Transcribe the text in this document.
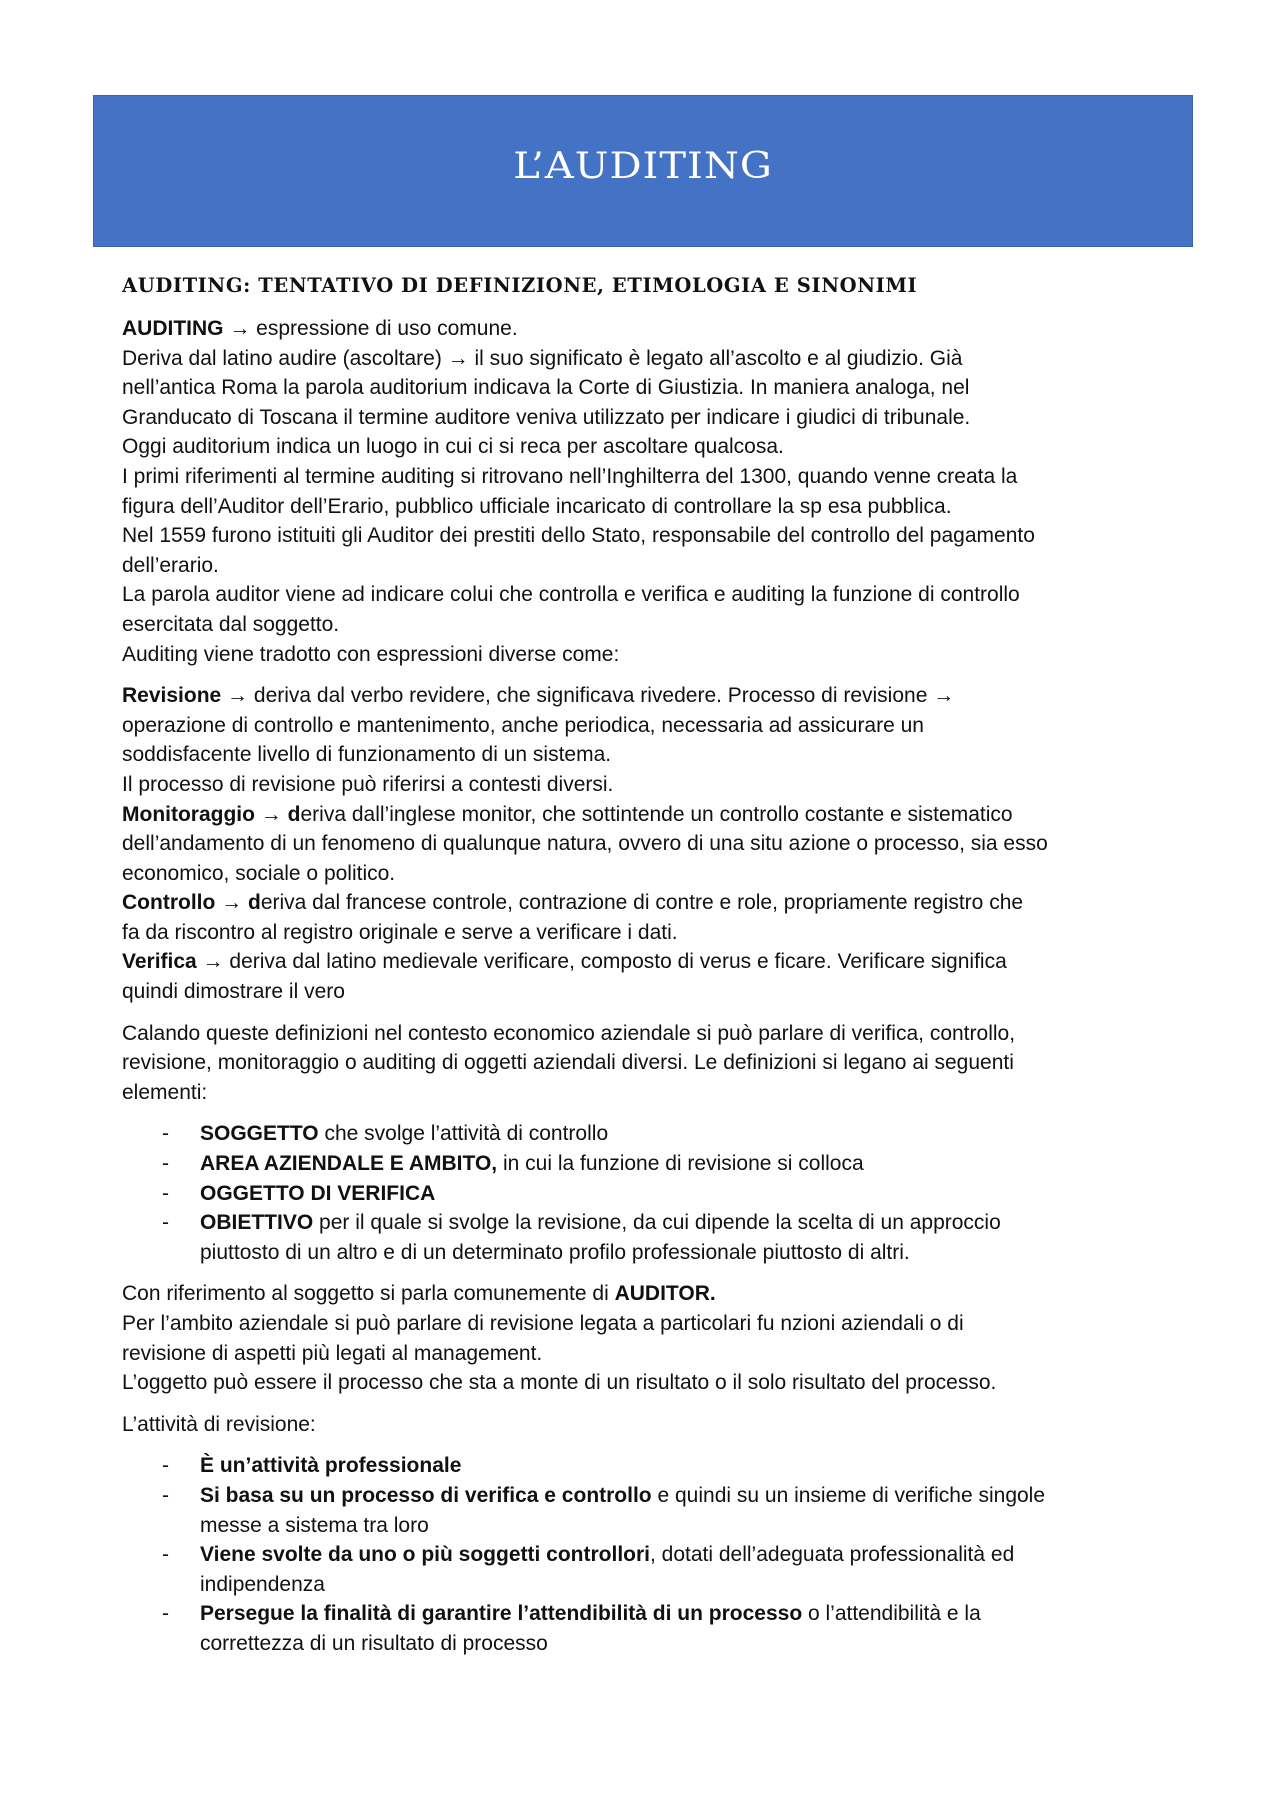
L’AUDITING
AUDITING: TENTATIVO DI DEFINIZIONE, ETIMOLOGIA E SINONIMI

AUDITING → espressione di uso comune.
Deriva dal latino audire (ascoltare) → il suo significato è legato all’ascolto e al giudizio. Già
nell’antica Roma la parola auditorium indicava la Corte di Giustizia. In maniera analoga, nel
Granducato di Toscana il termine auditore veniva utilizzato per indicare i giudici di tribunale.
Oggi auditorium indica un luogo in cui ci si reca per ascoltare qualcosa.
I primi riferimenti al termine auditing si ritrovano nell’Inghilterra del 1300, quando venne creata la
figura dell’Auditor dell’Erario, pubblico ufficiale incaricato di controllare la sp esa pubblica.
Nel 1559 furono istituiti gli Auditor dei prestiti dello Stato, responsabile del controllo del pagamento
dell’erario.
La parola auditor viene ad indicare colui che controlla e verifica e auditing la funzione di controllo
esercitata dal soggetto.
Auditing viene tradotto con espressioni diverse come:

Revisione → deriva dal verbo revidere, che significava rivedere. Processo di revisione →
operazione di controllo e mantenimento, anche periodica, necessaria ad assicurare un
soddisfacente livello di funzionamento di un sistema.
Il processo di revisione può riferirsi a contesti diversi.
Monitoraggio → deriva dall’inglese monitor, che sottintende un controllo costante e sistematico
dell’andamento di un fenomeno di qualunque natura, ovvero di una situ azione o processo, sia esso
economico, sociale o politico.
Controllo → deriva dal francese controle, contrazione di contre e role, propriamente registro che
fa da riscontro al registro originale e serve a verificare i dati.
Verifica → deriva dal latino medievale verificare, composto di verus e ficare. Verificare significa
quindi dimostrare il vero

Calando queste definizioni nel contesto economico aziendale si può parlare di verifica, controllo,
revisione, monitoraggio o auditing di oggetti aziendali diversi. Le definizioni si legano ai seguenti
elementi:

- SOGGETTO che svolge l’attività di controllo
- AREA AZIENDALE E AMBITO, in cui la funzione di revisione si colloca
- OGGETTO DI VERIFICA
- OBIETTIVO per il quale si svolge la revisione, da cui dipende la scelta di un approccio
piuttosto di un altro e di un determinato profilo professionale piuttosto di altri.

Con riferimento al soggetto si parla comunemente di AUDITOR.
Per l’ambito aziendale si può parlare di revisione legata a particolari fu nzioni aziendali o di
revisione di aspetti più legati al management.
L’oggetto può essere il processo che sta a monte di un risultato o il solo risultato del processo.

L’attività di revisione:

- È un’attività professionale
- Si basa su un processo di verifica e controllo e quindi su un insieme di verifiche singole
messe a sistema tra loro
- Viene svolte da uno o più soggetti controllori, dotati dell’adeguata professionalità ed
indipendenza
- Persegue la finalità di garantire l’attendibilità di un processo o l’attendibilità e la
correttezza di un risultato di processo
